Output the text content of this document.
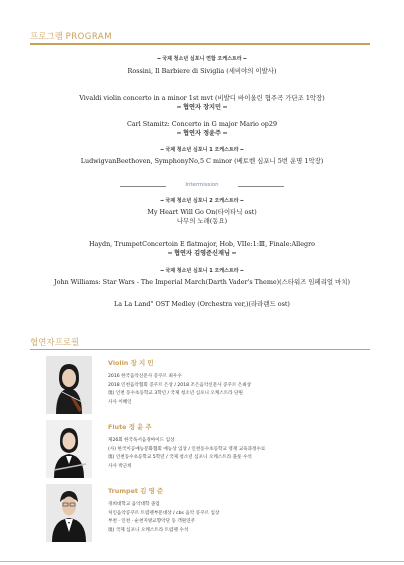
프로그램 PROGRAM
━ 국제 청소년 심포니 연합 오케스트라 ━
Rossini, Il Barbiere di Siviglia (세비야의 이발사)
Vivaldi violin concerto in a minor 1st mvt (비발디 바이올린 협주곡 가단조 1악장)
━ 협연자 장지민 ━
Carl Stamitz: Concerto in G major Mario op29
━ 협연자 정윤주 ━
━ 국제 청소년 심포니 1 오케스트라 ━
LudwigvanBeethoven, SymphonyNo,5 C minor (베토벤 심포니 5번 운명 1악장)
Intermission
━ 국제 청소년 심포니 2 오케스트라 ━
My Heart Will Go On(타이타닉 ost)
나무의 노래(동요)
Haydn, TrumpetConcertoin E flatmajor, Hob, VIIe:1:Ⅲ, Finale:Allegro
━ 협연자 김영준신재님 ━
━ 국제 청소년 심포니 1 오케스트라 ━
John Williams: Star Wars - The Imperial March(Darth Vader's Theme)(스타워즈 임페리얼 마치)
La La Land" OST Medley (Orchestra ver,)(라라랜드 ost)
협연자프로필
Violin 장 지 민
2016 한국음악신문사 콩쿠르 최우수
2018 인천음악협회 콩쿠르 은상 / 2018 조은음악신문사 콩쿠르 은최상
現) 인천 동수초등학교 3학년 / 국제 청소년 심포니 오케스트라 단원
사사 이혜인
Flute 정 윤 주
제26회 한국독서음경마이드 입상
(사) 한국이공예능문화협회 예능상 입상 / 인천동수초등학교 영재 교육과정수료
現) 인천동수초등학교 5학년 / 국제 청소년 심포니 오케스트라 플룻 수석
사사 박근희
Trumpet 김 영 준
경희대학교 음악대학 졸업
처인음악콩쿠르 트럼펫부문대상 / cbs 음악 콩쿠르 입상
부천 · 인천 · 순천지방교향악단 등 객원연주
現) 국제 심포니 오케스트라 트럼펫 수석
